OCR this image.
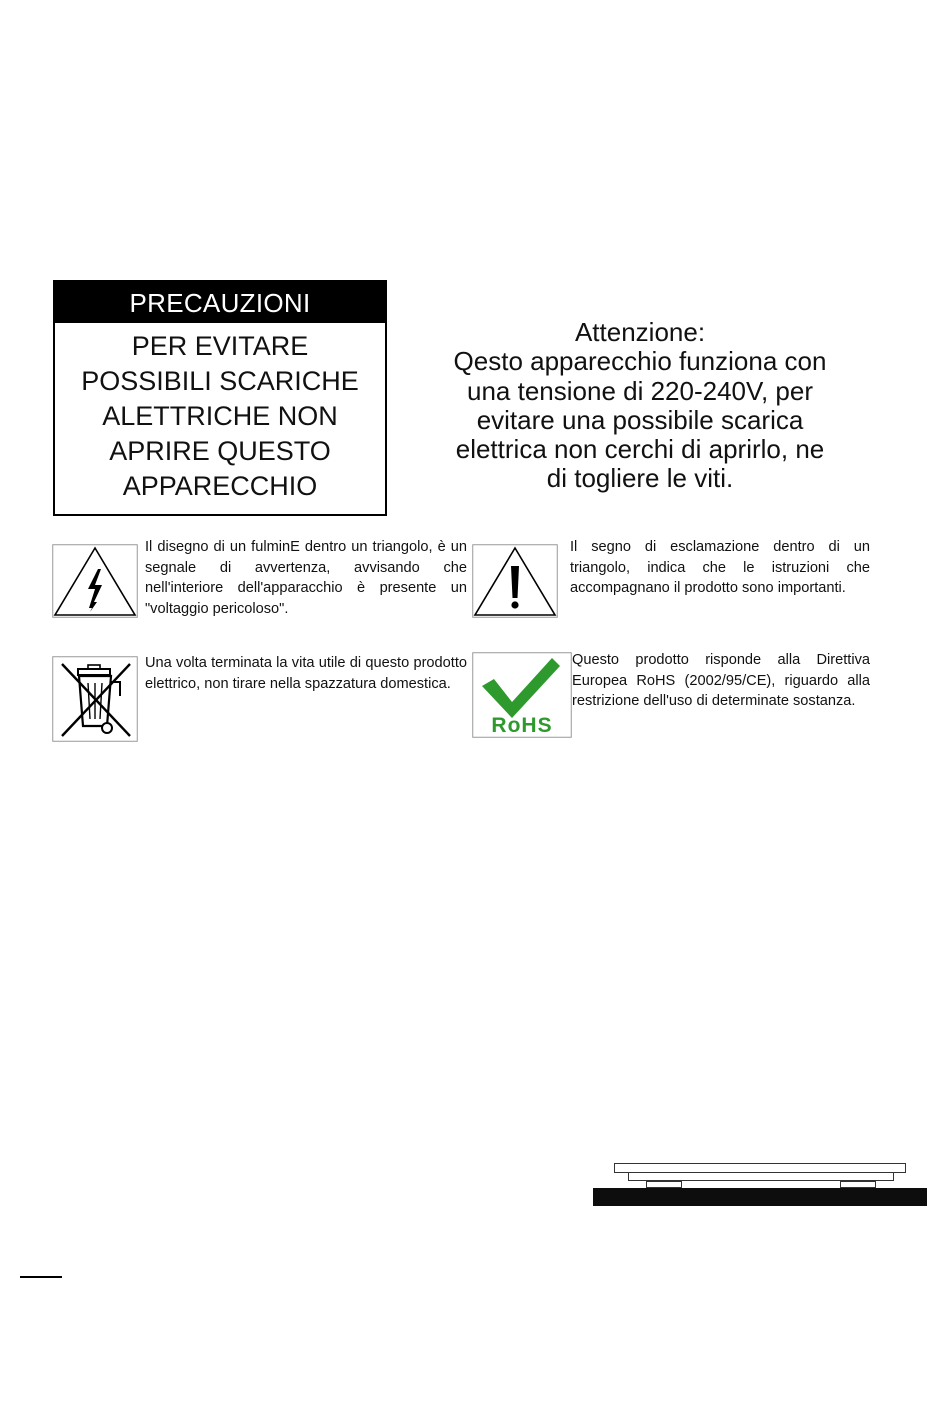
PRECAUZIONI
PER EVITARE
POSSIBILI SCARICHE
ALETTRICHE NON
APRIRE QUESTO
APPARECCHIO
Attenzione:
Qesto apparecchio funziona con
una tensione di 220-240V, per
evitare una possibile scarica
elettrica non cerchi di aprirlo, ne
di togliere le viti.
Il disegno di un fulminE dentro un triangolo, è un segnale di avvertenza, avvisando che nell'interiore dell'apparacchio è presente un "voltaggio pericoloso".
Il segno di esclamazione dentro di un triangolo, indica che le istruzioni che accompagnano il prodotto sono importanti.
Una volta terminata la vita utile di questo prodotto elettrico, non tirare nella spazzatura domestica.
RoHS
Questo prodotto risponde alla Direttiva Europea RoHS (2002/95/CE), riguardo alla restrizione dell'uso di determinate sostanza.
